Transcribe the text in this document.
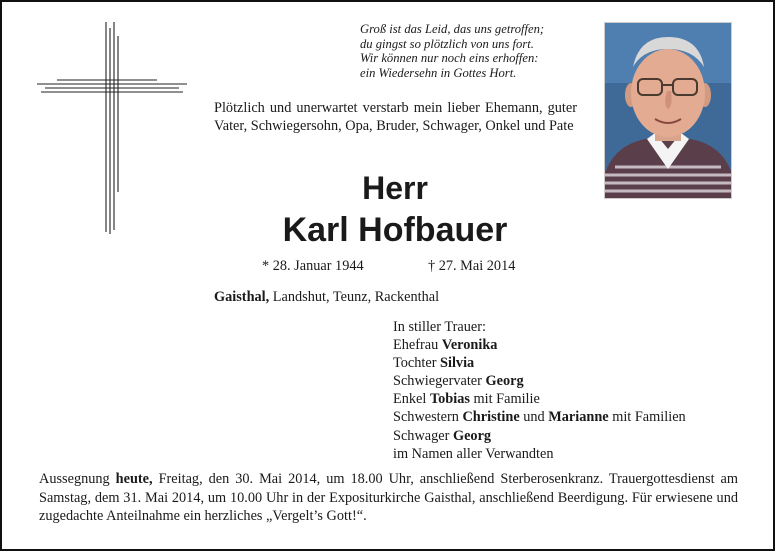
Groß ist das Leid, das uns getroffen;
du gingst so plötzlich von uns fort.
Wir können nur noch eins erhoffen:
ein Wiedersehn in Gottes Hort.
Plötzlich und unerwartet verstarb mein lieber Ehemann, guter Vater, Schwiegersohn, Opa, Bruder, Schwager, Onkel und Pate
Herr
Karl Hofbauer
* 28. Januar 1944	† 27. Mai 2014
Gaisthal, Landshut, Teunz, Rackenthal
In stiller Trauer:
Ehefrau Veronika
Tochter Silvia
Schwiegervater Georg
Enkel Tobias mit Familie
Schwestern Christine und Marianne mit Familien
Schwager Georg
im Namen aller Verwandten
Aussegnung heute, Freitag, den 30. Mai 2014, um 18.00 Uhr, anschließend Sterberosenkranz. Trauergottesdienst am Samstag, dem 31. Mai 2014, um 10.00 Uhr in der Expositurkirche Gaisthal, anschließend Beerdigung. Für erwiesene und zugedachte Anteilnahme ein herzliches „Vergelt’s Gott!“.
